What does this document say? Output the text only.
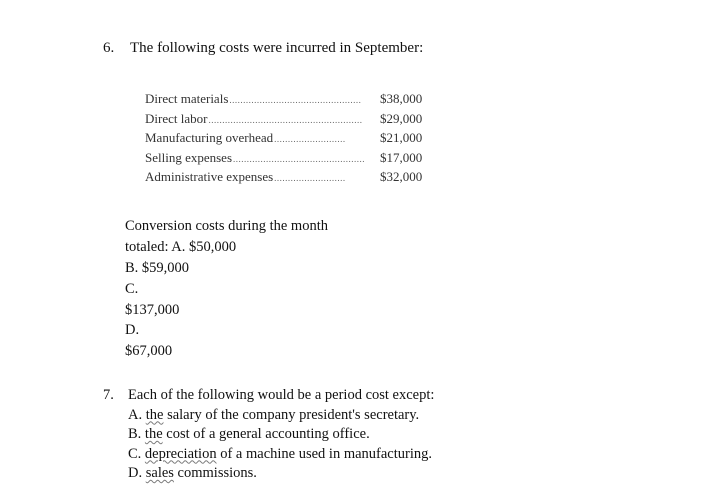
6. The following costs were incurred in September:
Direct materials ................................................ $38,000
Direct labor ........................................................ $29,000
Manufacturing overhead ..........................	$21,000
Selling expenses ................................................ $17,000
Administrative expenses ..........................	$32,000
Conversion costs during the month
totaled: A. $50,000
B. $59,000
C.
$137,000
D.
$67,000
7. Each of the following would be a period cost except:
A. the salary of the company president's secretary.
B. the cost of a general accounting office.
C. depreciation of a machine used in manufacturing.
D. sales commissions.
